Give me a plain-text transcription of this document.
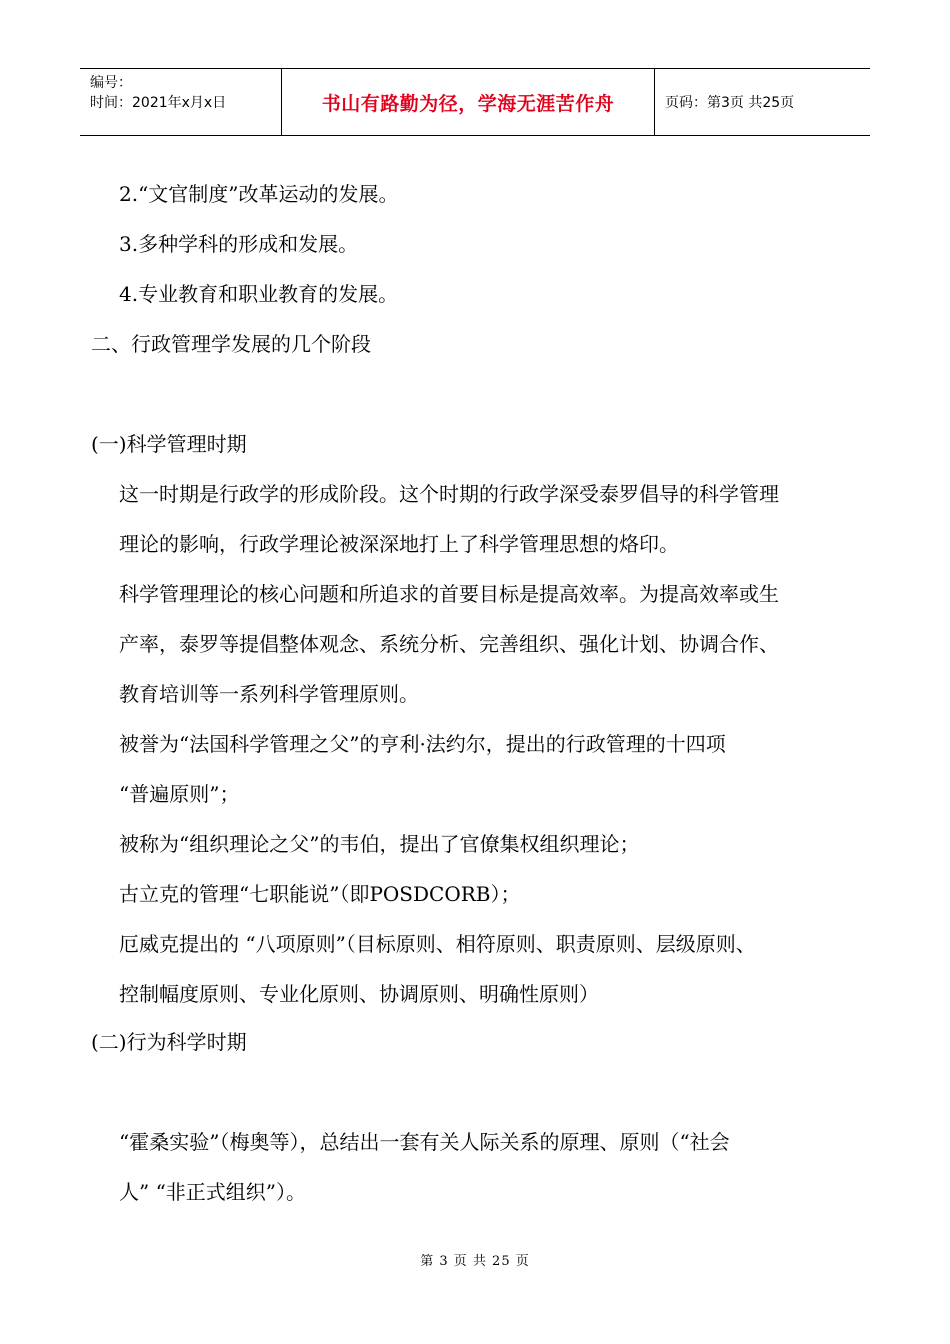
编号：
时间：2021年x月x日	书山有路勤为径，学海无涯苦作舟	页码：第3页 共25页
2.“文官制度”改革运动的发展。
3.多种学科的形成和发展。
4.专业教育和职业教育的发展。
二、行政管理学发展的几个阶段
(一)科学管理时期
这一时期是行政学的形成阶段。这个时期的行政学深受泰罗倡导的科学管理
理论的影响，行政学理论被深深地打上了科学管理思想的烙印。
科学管理理论的核心问题和所追求的首要目标是提高效率。为提高效率或生
产率，泰罗等提倡整体观念、系统分析、完善组织、强化计划、协调合作、
教育培训等一系列科学管理原则。
被誉为“法国科学管理之父”的亨利·法约尔，提出的行政管理的十四项
“普遍原则”；
被称为“组织理论之父”的韦伯，提出了官僚集权组织理论；
古立克的管理“七职能说”（即POSDCORB）；
厄威克提出的 “八项原则”（目标原则、相符原则、职责原则、层级原则、
控制幅度原则、专业化原则、协调原则、明确性原则）
(二)行为科学时期
“霍桑实验”（梅奥等），总结出一套有关人际关系的原理、原则（“社会
人” “非正式组织”）。
第 3 页 共 25 页
